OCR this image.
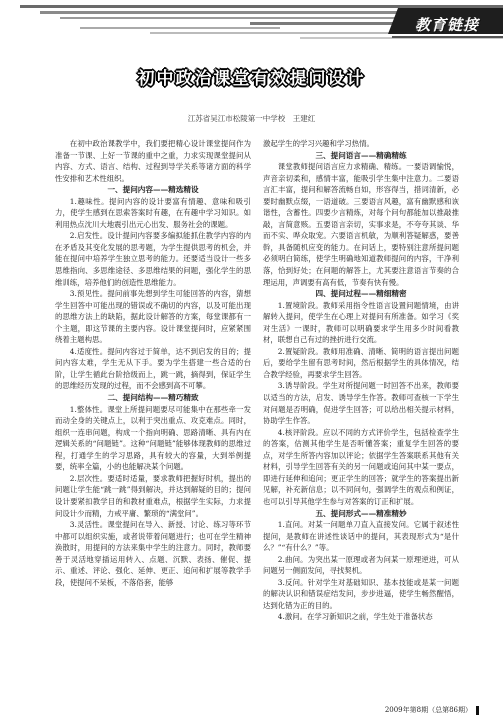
教育链接
初中政治课堂有效提问设计
江苏省吴江市松陵第一中学校　王建红

在初中政治课教学中，我们要把精心设计课堂提问作为准备一节课、上好一节课的重中之重，力求实现课堂提问从内容、方式、语言、结构、过程到导学关系等诸方面的科学性安排和艺术性组织。

一、提问内容——精选精设

1.趣味性。提问内容的设计要富有情趣、意味和吸引力，使学生感到在思索答案时有趣，在有趣中学习知识。如利用热点沈川大地震引出元心出发、服务社会的课题。

2.启发性。设计提问内容要多编拟能抓住教学内容的内在矛盾及其变化发展的思考题，为学生提供思考的机会，并能在提问中培养学生独立思考的能力。还要适当设计一些多思维指向、多思维途径、多思维结果的问题，强化学生的思维训练，培养他们的创造性思维能力。

3.预见性。提问前事先想到学生可能回答的内容，猜想学生回答中可能出现的错误或不确切的内容，以及可能出现的思维方法上的缺陷，据此设计解答的方案，每堂课都有一个主题，即这节课的主要内容。设计课堂提问时，应紧紧围绕着主题构思。

4.适度性。提问内容过于简单，达不到启发的目的；提问内容太难，学生无从下手。要为学生搭建一些合适的台阶，让学生循此台阶拾级而上，跳一跳，摘得到，保证学生的思维经历发现的过程，而不会感到高不可攀。

二、提问结构——精巧精致

1.整体性。课堂上所提问题要尽可能集中在那些牵一发而动全身的关键点上，以利于突出重点、攻克难点。同时，组织一连串问题，构成一个指向明确、思路清晰、具有内在逻辑关系的“问题链”。这种“问题链”能够体现教师的思维过程，打通学生的学习思路，具有较大的容量，大到举例提要，统率全篇，小的也能解决某个问题。

2.层次性。要适时适量，要求教师把握好时机，提出的问题让学生能“跳一跳”得到解决，并达到解疑的目的；提问设计要紧扣教学目的和教材重难点，根据学生实际，力求提问设计少而精，力戒平庸、繁琐的“满堂问”。

3.灵活性。课堂提问在导入、新授、讨论、练习等环节中都可以组织实施，或者说带着问题进行；也可在学生精神涣散时，用提问的方法来集中学生的注意力。同时，教师要善于灵活地穿插运用转入、点题、沉默、表扬、催促、提示、重述、评论、强化、延伸、更正、追问和扩展等教学手段，使提问不呆板，不落俗套，能够

激起学生的学习兴趣和学习热情。

三、提问语言——精确精练

课堂教师提问语言应力求精确、精练。一要语调愉悦，声音亲切柔和，感情丰富，能吸引学生集中注意力。二要语言汇丰富，提问和解答流畅自如，形容得当，措词清新，必要时幽默点缀，一语道破。三要语言风趣，富有幽默感和诙谐性，含蓄性。四要少言精炼，对每个问句都能加以推敲推敲，言简意赅。五要语言亲切，实事求是，不夸夸其谈、华而不实、哗众取宠。六要语言机敏，为顺利答疑解惑，要善幹，具备随机应变的能力。在问话上，要特别注意所提问题必须明白简练，使学生明确地知道教师提问的内容，干净利落，恰到好处；在问题的解答上，尤其要注意语言节奏的合理运用，声调要有高有低，节奏有快有慢。

四、提问过程——精细精密

1.置境阶段。教师采用指令性语言设置问题情境，由讲解转入提问，使学生在心理上对提问有所准备。如学习《奖对生活》一课时，教师可以明确要求学生用多少时间看教材，联想自己有过的挫折进行交流。

2.置疑阶段。教师用准确、清晰、简明的语言提出问题后，要给学生留有思考时间，然后根据学生的具体情况，结合教学经验，再要求学生回答。

3.诱导阶段。学生对所提问题一时回答不出来，教师要以适当的方法，启发、诱导学生作答。教师可查核一下学生对问题是否明确，促进学生回答；可以给出相关提示材料，协助学生作答。

4.核评阶段。应以不同的方式评价学生，包括检查学生的答案，估测其他学生是否听懂答案；重复学生回答的要点，对学生所答内容加以评论；依据学生答案联系其他有关材料，引导学生回答有关的另一问题或追问其中某一要点，即进行延伸和追问；更正学生的回答；就学生的答案提出新见解，补充新信息；以不同问句，强调学生的观点和例证，也可以引导其他学生参与对答案的订正和扩展。

五、提问形式——精准精妙

1.直问。对某一问题单刀直入直接发问。它属于叙述性提问，是教师在讲述性谈话中的提问，其表现形式为“是什么？”“有什么？”等。

2.曲问。为突出某一原理或者为问某一原理逆进，可从问题另一侧面发问，寻找契机。

3.反问。针对学生对基础知识、基本技能或是某一问题的解决认识和错误症结发问，步步进逼，使学生畅然醒悟，达到化错为正的目的。

4.激问。在学习新知识之前，学生处于准备状态

2009年第8期（总第86期）
